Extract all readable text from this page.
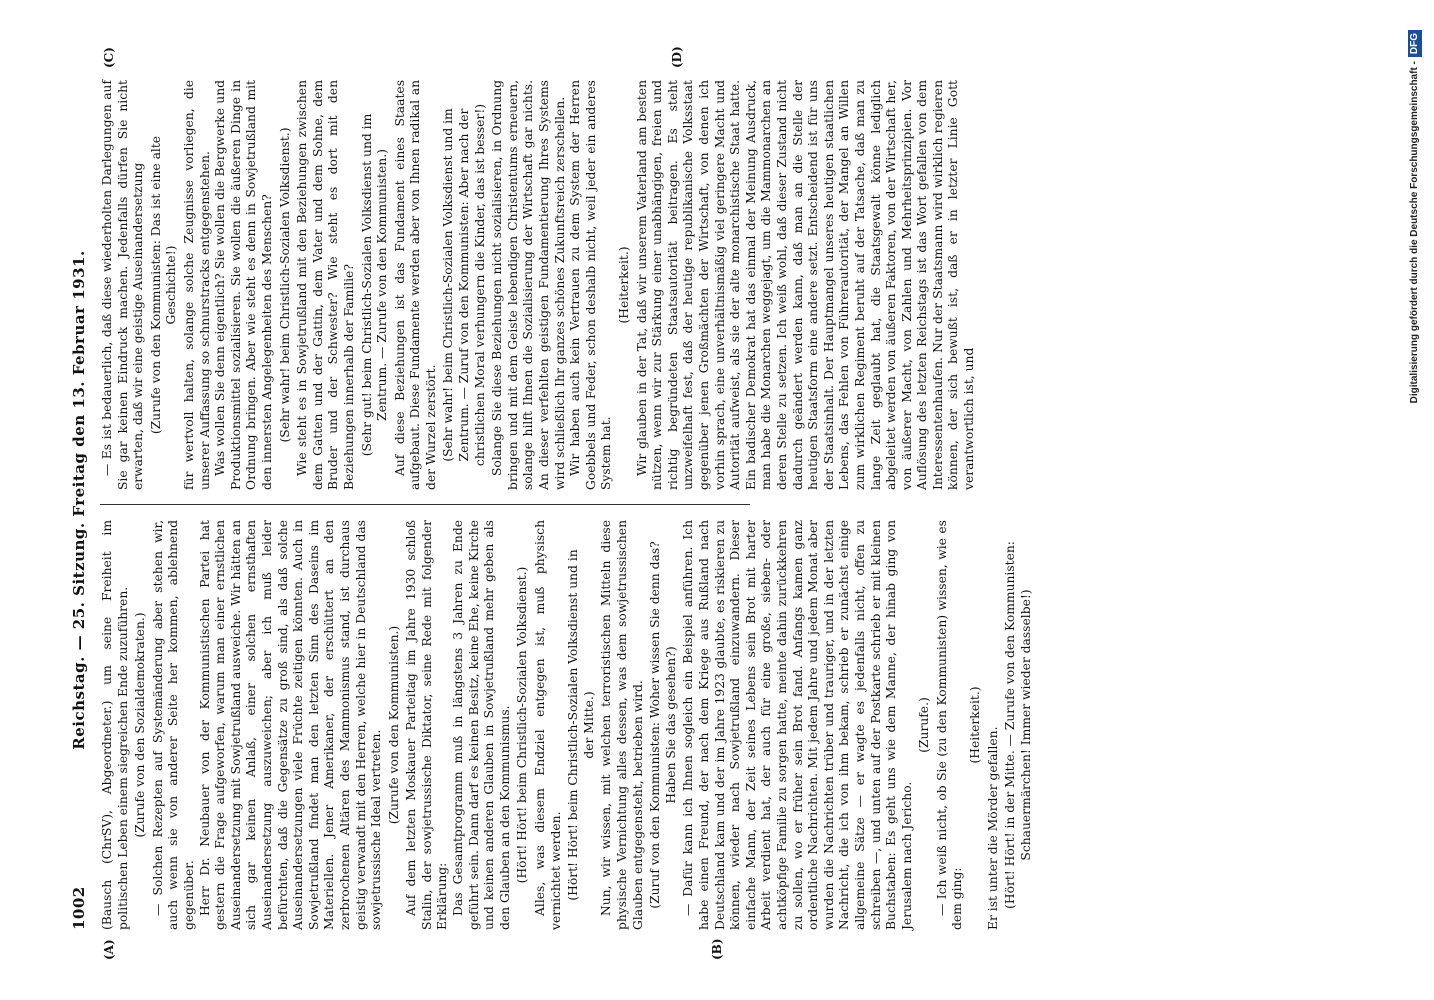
1002
Reichstag. — 25. Sitzung. Freitag den 13. Februar 1931. (Bausch (ChrSV), Abgeordneter.) um seine Freiheit im politischen Leben einem siegreichen Ende zuzuführen. (Zurufe von den Sozialdemokraten.) — Solchen Rezepten auf Systemänderung aber stehen wir, auch wenn sie von anderer Seite her kommen, ablehnend gegenüber. Herr Dr. Neubauer von der Kommunistischen Partei hat gestern die Frage aufgeworfen, warum man einer ernstlichen Auseinandersetzung mit Sowjetrußland ausweiche. Wir hätten an sich gar keinen Anlaß, einer solchen ernsthaften Auseinandersetzung auszuweichen; aber ich muß leider befürchten, daß die Gegensätze zu groß sind, als daß solche Auseinandersetzungen viele Früchte zeitigen könnten. Auch in Sowjetrußland findet man den letzten Sinn des Daseins im Materiellen. Jener Amerikaner, der erschüttert an den zerbrochenen Altären des Mammonismus stand, ist durchaus geistig verwandt mit den Herren, welche hier in Deutschland das sowjetrussische Ideal vertreten.

(Zurufe von den Kommunisten.) Auf dem letzten Moskauer Parteitag im Jahre 1930 schloß Stalin, der sowjetrussische Diktator, seine Rede mit folgender Erklärung: Das Gesamtprogramm muß in längstens 3 Jahren zu Ende geführt sein. Dann darf es keinen Besitz, keine Ehe, keine Kirche und keinen anderen Glauben in Sowjetrußland mehr geben als den Glauben an den Kommunismus. (Hört! Hört! beim Christlich-Sozialen Volksdienst.) Alles, was diesem Endziel entgegen ist, muß physisch vernichtet werden. (Hört! Hört! beim Christlich-Sozialen Volksdienst und in der Mitte.) Nun, wir wissen, mit welchen terroristischen Mitteln diese physische Vernichtung alles dessen, was dem sowjetrussischen Glauben entgegensteht, betrieben wird. (Zuruf von den Kommunisten: Woher wissen Sie denn das? Haben Sie das gesehen?) — Dafür kann ich Ihnen sogleich ein Beispiel anführen. Ich habe einen Freund, der nach dem Kriege aus Rußland nach Deutschland kam und der im Jahre 1923 glaubte, es riskieren zu können, wieder nach Sowjetrußland einzuwandern. Dieser einfache Mann, der Zeit seines Lebens sein Brot mit harter Arbeit verdient hat, der auch für eine große, sieben- oder achtköpfige Familie zu sorgen hatte, meinte dahin zurückkehren zu sollen, wo er früher sein Brot fand. Anfangs kamen ganz ordentliche Nachrichten. Mit jedem Jahre und jedem Monat aber wurden die Nachrichten trüber und trauriger, und in der letzten Nachricht, die ich von ihm bekam, schrieb er zunächst einige allgemeine Sätze — er wagte es jedenfalls nicht, offen zu schreiben —, und unten auf der Postkarte schrieb er mit kleinen Buchstaben: Es geht uns wie dem Manne, der hinab ging von Jerusalem nach Jericho.

(Zurufe.) — Ich weiß nicht, ob Sie (zu den Kommunisten) wissen, wie es dem ging:

(Heiterkeit.)

Er ist unter die Mörder gefallen. (Hört! Hört! in der Mitte. — Zurufe von den Kommunisten: Schauermärchen! Immer wieder dasselbe!)

— Es ist bedauerlich, daß diese wiederholten Darlegungen auf Sie gar keinen Eindruck machen. Jedenfalls dürfen Sie nicht erwarten, daß wir eine geistige Auseinandersetzung (Zurufe von den Kommunisten: Das ist eine alte Geschichte!) für wertvoll halten, solange solche Zeugnisse vorliegen, die unserer Auffassung so schnurstracks entgegenstehen. Was wollen Sie denn eigentlich? Sie wollen die Bergwerke und Produktionsmittel sozialisieren. Sie wollen die äußeren Dinge in Ordnung bringen. Aber wie steht es denn in Sowjetrußland mit den innersten Angelegenheiten des Menschen? (Sehr wahr! beim Christlich-Sozialen Volksdienst.) Wie steht es in Sowjetrußland mit den Beziehungen zwischen dem Gatten und der Gattin, dem Vater und dem Sohne, dem Bruder und der Schwester? Wie steht es dort mit den Beziehungen innerhalb der Familie? (Sehr gut! beim Christlich-Sozialen Volksdienst und im Zentrum. — Zurufe von den Kommunisten.) Auf diese Beziehungen ist das Fundament eines Staates aufgebaut. Diese Fundamente werden aber von Ihnen radikal an der Wurzel zerstört. (Sehr wahr! beim Christlich-Sozialen Volksdienst und im Zentrum. — Zuruf von den Kommunisten: Aber nach der christlichen Moral verhungern die Kinder, das ist besser!) Solange Sie diese Beziehungen nicht sozialisieren, in Ordnung bringen und mit dem Geiste lebendigen Christentums erneuern, solange hilft Ihnen die Sozialisierung der Wirtschaft gar nichts. An dieser verfehlten geistigen Fundamentierung Ihres Systems wird schließlich Ihr ganzes schönes Zukunftsreich zerschellen. Wir haben auch kein Vertrauen zu dem System der Herren Goebbels und Feder, schon deshalb nicht, weil jeder ein anderes System hat.

(Heiterkeit.) Wir glauben in der Tat, daß wir unserem Vaterland am besten nützen, wenn wir zur Stärkung einer unabhängigen, freien und richtig begründeten Staatsautorität beitragen. Es steht unzweifelhaft fest, daß der heutige republikanische Volksstaat gegenüber jenen Großmächten der Wirtschaft, von denen ich vorhin sprach, eine unverhältnismäßig viel geringere Macht und Autorität aufweist, als sie der alte monarchistische Staat hatte. Ein badischer Demokrat hat das einmal der Meinung Ausdruck, man habe die Monarchen weggejagt, um die Mammonarchen an deren Stelle zu setzen. Ich weiß wohl, daß dieser Zustand nicht dadurch geändert werden kann, daß man an die Stelle der heutigen Staatsform eine andere setzt. Entscheidend ist für uns der Staatsinhalt. Der Hauptmangel unseres heutigen staatlichen Lebens, das Fehlen von Führerautorität, der Mangel an Willen zum wirklichen Regiment beruht auf der Tatsache, daß man zu lange Zeit geglaubt hat, die Staatsgewalt könne lediglich abgeleitet werden von äußeren Faktoren, von der Wirtschaft her, von äußerer Macht, von Zahlen und Mehrheitsprinzipien. Vor Auflösung des letzten Reichstags ist das Wort gefallen von dem Interessentenhaufen. Nur der Staatsmann wird wirklich regieren können, der sich bewußt ist, daß er in letzter Linie Gott verantwortlich ist, und

(A)	(B)
(C)	(D)
Digitalisierung gefördert durch die Deutsche Forschungsgemeinschaft -DFG
